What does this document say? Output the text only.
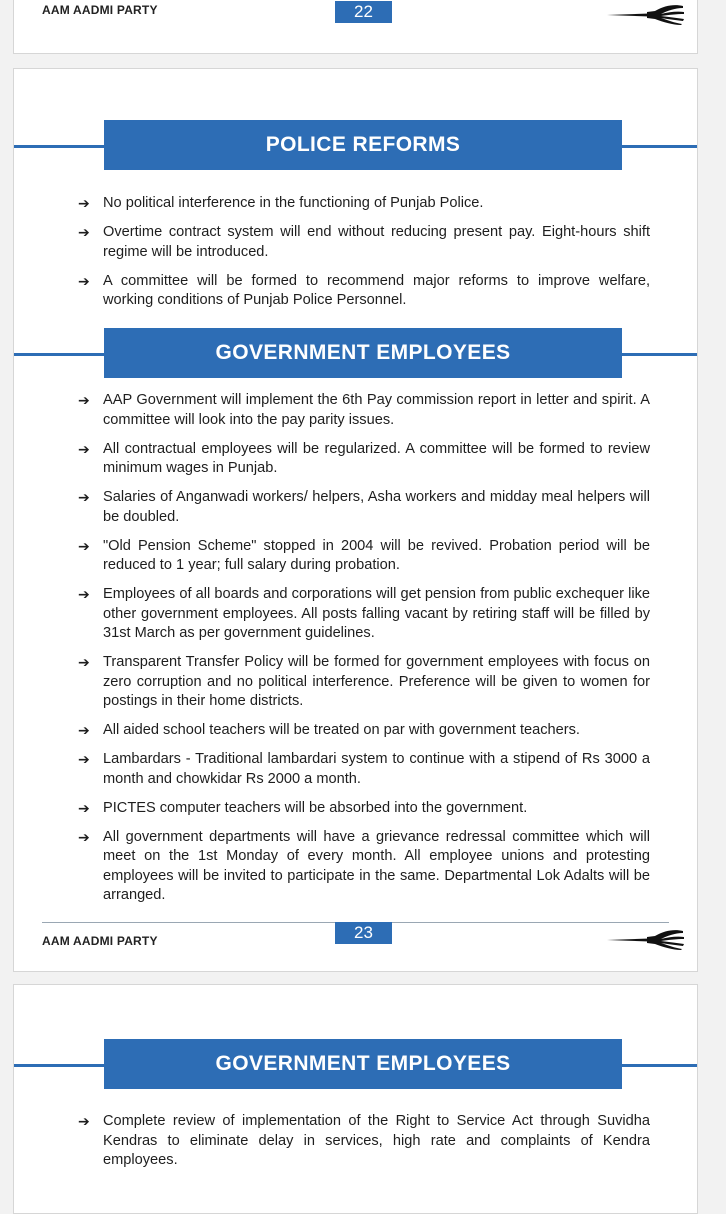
AAM AADMI PARTY	22
POLICE REFORMS
➔ No political interference in the functioning of Punjab Police.
➔ Overtime contract system will end without reducing present pay. Eight-hours shift regime will be introduced.
➔ A committee will be formed to recommend major reforms to improve welfare, working conditions of Punjab Police Personnel.
GOVERNMENT EMPLOYEES
➔ AAP Government will implement the 6th Pay commission report in letter and spirit. A committee will look into the pay parity issues.
➔ All contractual employees will be regularized. A committee will be formed to review minimum wages in Punjab.
➔ Salaries of Anganwadi workers/ helpers, Asha workers and midday meal helpers will be doubled.
➔ "Old Pension Scheme" stopped in 2004 will be revived. Probation period will be reduced to 1 year; full salary during probation.
➔ Employees of all boards and corporations will get pension from public exchequer like other government employees. All posts falling vacant by retiring staff will be filled by 31st March as per government guidelines.
➔ Transparent Transfer Policy will be formed for government employees with focus on zero corruption and no political interference. Preference will be given to women for postings in their home districts.
➔ All aided school teachers will be treated on par with government teachers.
➔ Lambardars - Traditional lambardari system to continue with a stipend of Rs 3000 a month and chowkidar Rs 2000 a month.
➔ PICTES computer teachers will be absorbed into the government.
➔ All government departments will have a grievance redressal committee which will meet on the 1st Monday of every month. All employee unions and protesting employees will be invited to participate in the same. Departmental Lok Adalts will be arranged.
AAM AADMI PARTY	23
GOVERNMENT EMPLOYEES
➔ Complete review of implementation of the Right to Service Act through Suvidha Kendras to eliminate delay in services, high rate and complaints of Kendra employees.
